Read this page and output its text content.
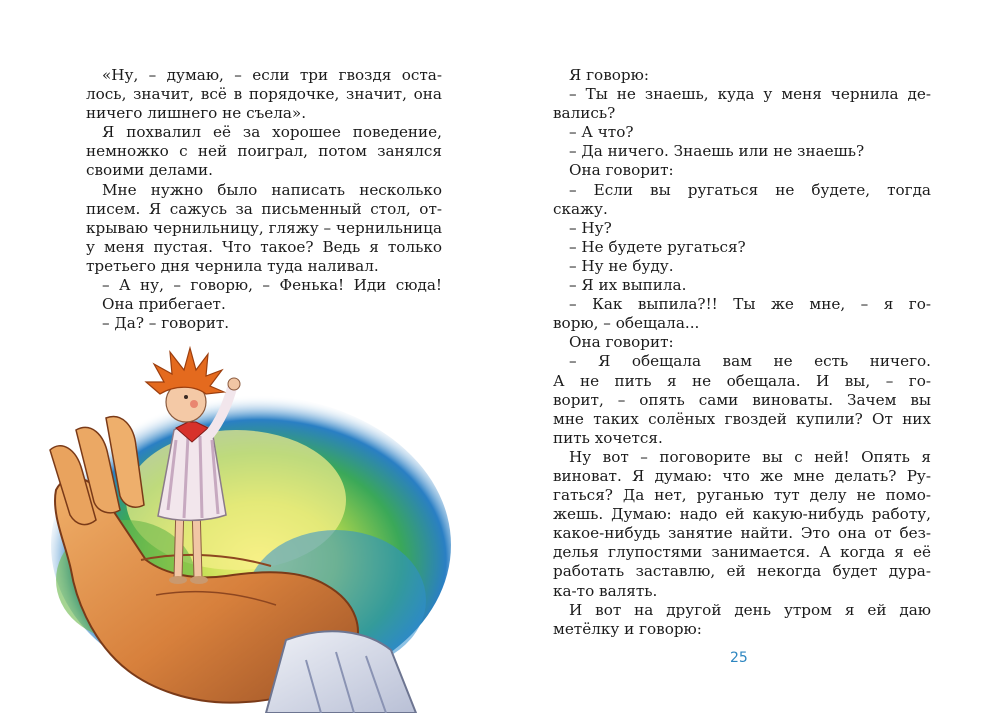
«Ну, – думаю, – если три гвоздя оста-
лось, значит, всё в порядочке, значит, она
ничего лишнего не съела».
Я похвалил её за хорошее поведение,
немножко с ней поиграл, потом занялся
своими делами.
Мне нужно было написать несколько
писем. Я сажусь за письменный стол, от-
крываю чернильницу, гляжу – чернильница
у меня пустая. Что такое? Ведь я только
третьего дня чернила туда наливал.
– А ну, – говорю, – Фенька! Иди сюда!
Она прибегает.
– Да? – говорит.
Я говорю:
– Ты не знаешь, куда у меня чернила де-
вались?
– А что?
– Да ничего. Знаешь или не знаешь?
Она говорит:
– Если вы ругаться не будете, тогда
скажу.
– Ну?
– Не будете ругаться?
– Ну не буду.
– Я их выпила.
– Как выпила?!! Ты же мне, – я го-
ворю, – обещала...
Она говорит:
– Я обещала вам не есть ничего.
А не пить я не обещала. И вы, – го-
ворит, – опять сами виноваты. Зачем вы
мне таких солёных гвоздей купили? От них
пить хочется.
Ну вот – поговорите вы с ней! Опять я
виноват. Я думаю: что же мне делать? Ру-
гаться? Да нет, руганью тут делу не помо-
жешь. Думаю: надо ей какую-нибудь работу,
какое-нибудь занятие найти. Это она от без-
делья глупостями занимается. А когда я её
работать заставлю, ей некогда будет дура-
ка-то валять.
И вот на другой день утром я ей даю
метёлку и говорю:
25
